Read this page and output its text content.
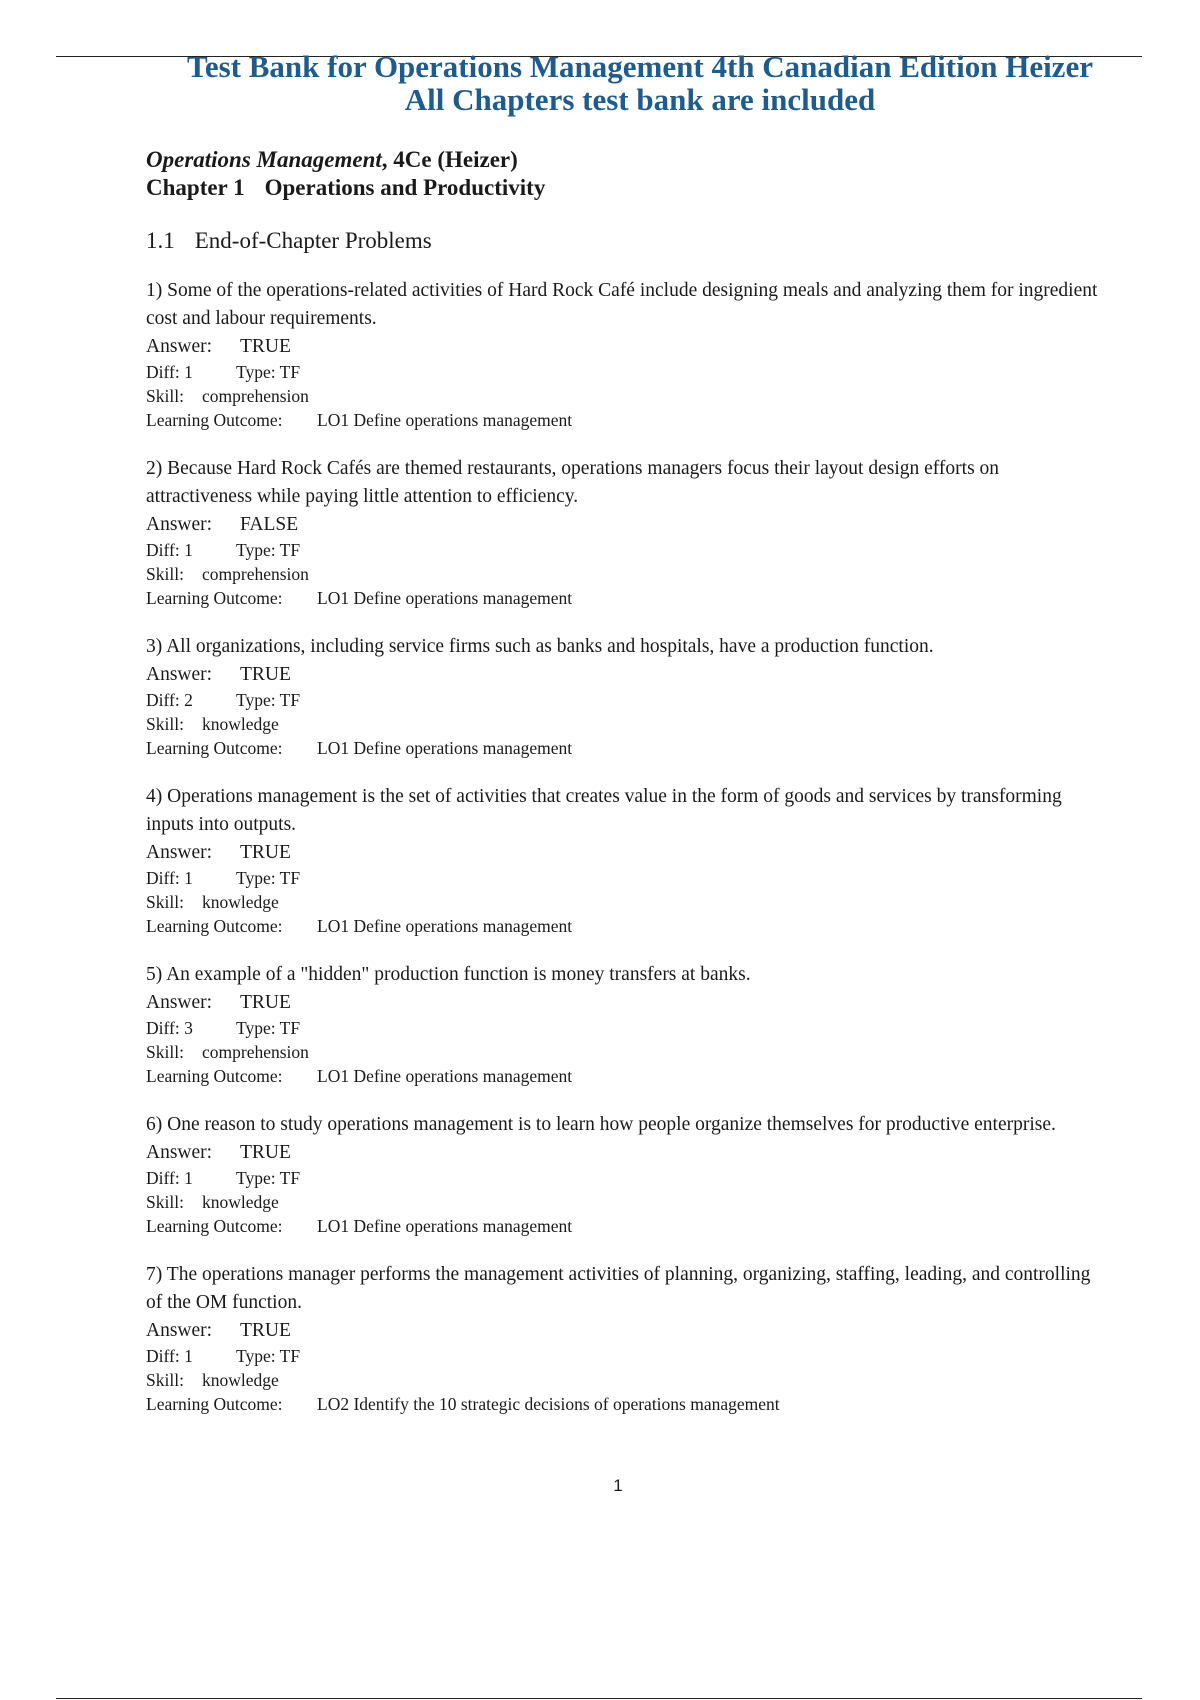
Test Bank for Operations Management 4th Canadian Edition Heizer
All Chapters test bank are included
Operations Management, 4Ce (Heizer)
Chapter 1 Operations and Productivity
1.1 End-of-Chapter Problems
1) Some of the operations-related activities of Hard Rock Café include designing meals and analyzing them for ingredient cost and labour requirements.
Answer: TRUE
Diff: 1 Type: TF
Skill: comprehension
Learning Outcome: LO1 Define operations management
2) Because Hard Rock Cafés are themed restaurants, operations managers focus their layout design efforts on attractiveness while paying little attention to efficiency.
Answer: FALSE
Diff: 1 Type: TF
Skill: comprehension
Learning Outcome: LO1 Define operations management
3) All organizations, including service firms such as banks and hospitals, have a production function.
Answer: TRUE
Diff: 2 Type: TF
Skill: knowledge
Learning Outcome: LO1 Define operations management
4) Operations management is the set of activities that creates value in the form of goods and services by transforming inputs into outputs.
Answer: TRUE
Diff: 1 Type: TF
Skill: knowledge
Learning Outcome: LO1 Define operations management
5) An example of a "hidden" production function is money transfers at banks.
Answer: TRUE
Diff: 3 Type: TF
Skill: comprehension
Learning Outcome: LO1 Define operations management
6) One reason to study operations management is to learn how people organize themselves for productive enterprise.
Answer: TRUE
Diff: 1 Type: TF
Skill: knowledge
Learning Outcome: LO1 Define operations management
7) The operations manager performs the management activities of planning, organizing, staffing, leading, and controlling of the OM function.
Answer: TRUE
Diff: 1 Type: TF
Skill: knowledge
Learning Outcome: LO2 Identify the 10 strategic decisions of operations management
1
